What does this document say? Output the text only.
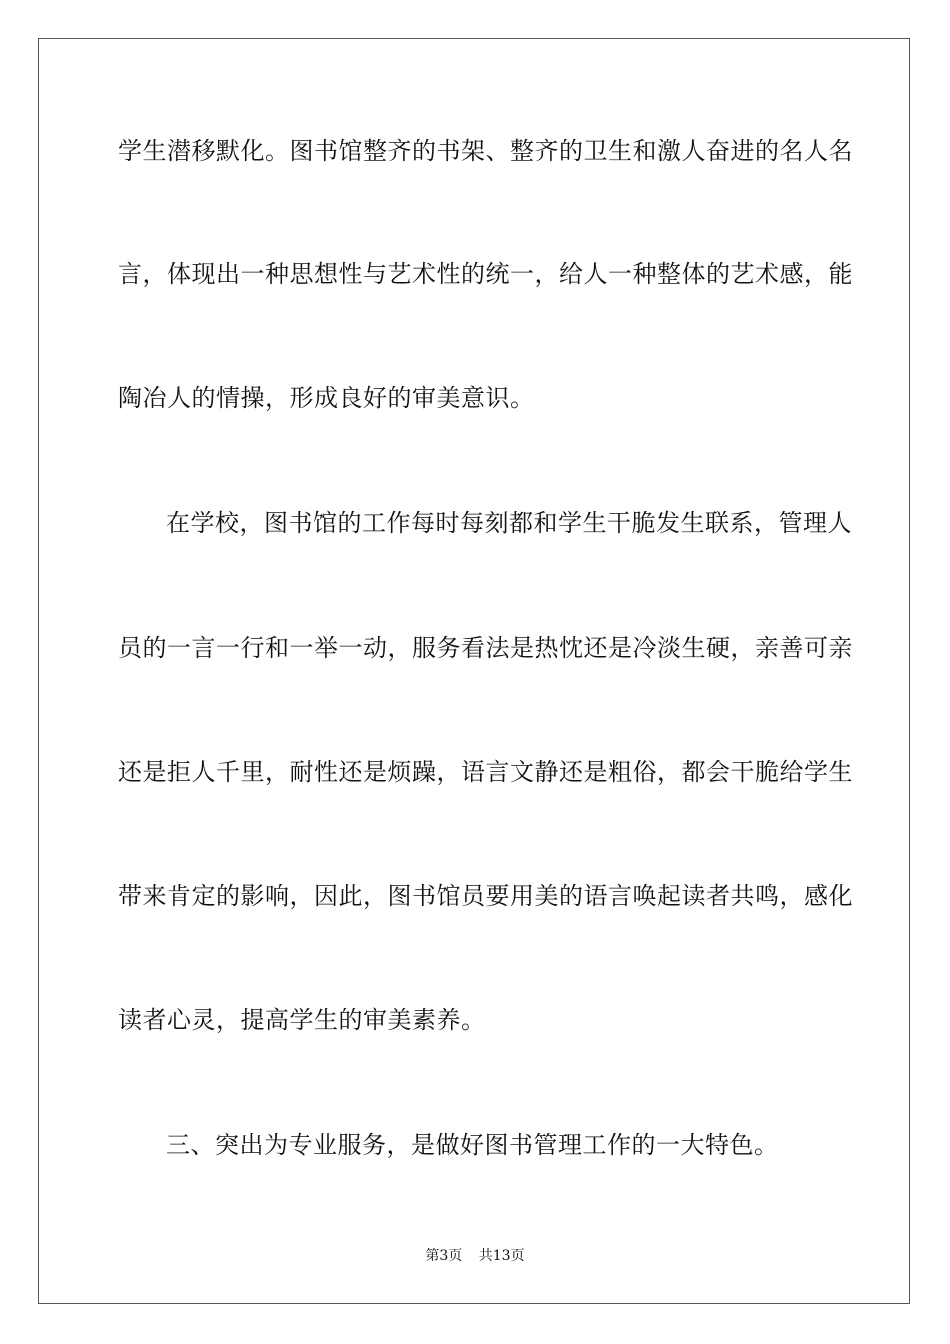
学生潜移默化。图书馆整齐的书架、整齐的卫生和激人奋进的名人名
言，体现出一种思想性与艺术性的统一，给人一种整体的艺术感，能
陶冶人的情操，形成良好的审美意识。
在学校，图书馆的工作每时每刻都和学生干脆发生联系，管理人
员的一言一行和一举一动，服务看法是热忱还是冷淡生硬，亲善可亲
还是拒人千里，耐性还是烦躁，语言文静还是粗俗，都会干脆给学生
带来肯定的影响，因此，图书馆员要用美的语言唤起读者共鸣，感化
读者心灵，提高学生的审美素养。
三、突出为专业服务，是做好图书管理工作的一大特色。
第3页 共13页
